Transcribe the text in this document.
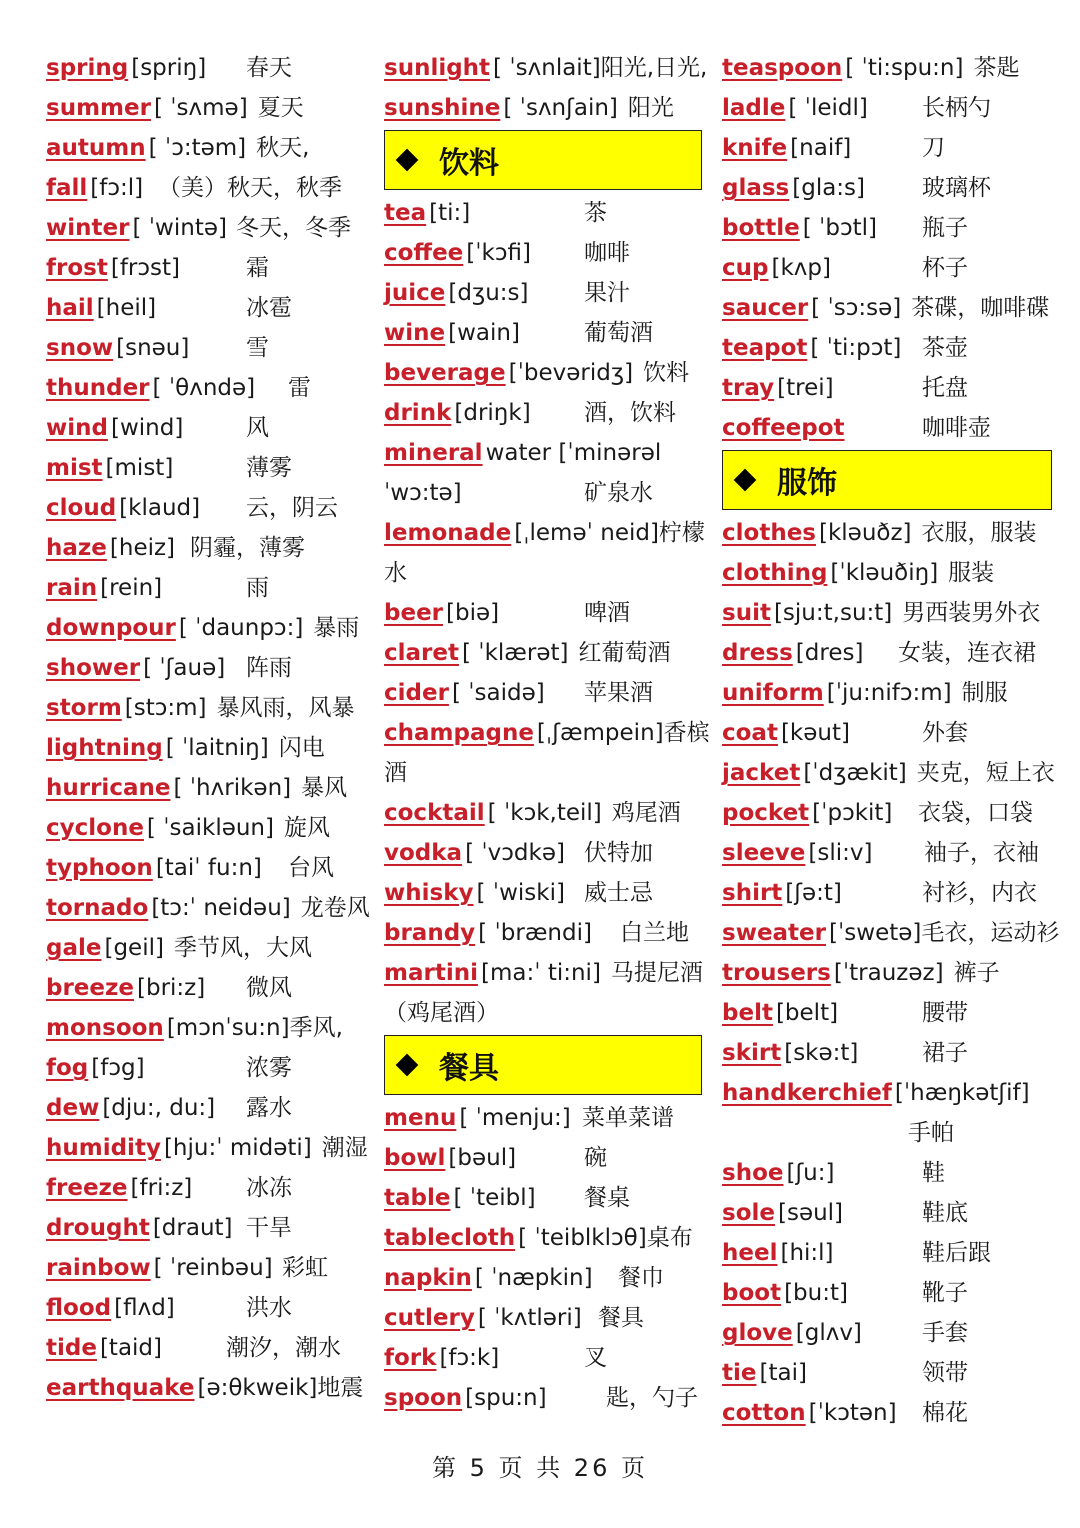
spring [spriŋ] 春天
summer [ ˈsʌmə] 夏天
autumn [ ˈɔ:təm] 秋天,
fall [fɔ:l] （美）秋天，秋季
winter [ ˈwintə] 冬天，冬季
frost [frɔst]	霜
hail [heil]	冰雹
snow [snəu] 雪
thunder [ ˈθʌndə] 雷
wind [wind]	风
mist [mist]	薄雾
cloud [klaud] 云，阴云
haze [heiz] 阴霾，薄雾
rain [rein]	雨
downpour [ ˈdaunpɔ:] 暴雨
shower [ ˈʃauə] 阵雨
storm [stɔ:m] 暴风雨，风暴
lightning [ ˈlaitniŋ] 闪电
hurricane [ ˈhʌrikən] 暴风
cyclone [ ˈsaikləun] 旋风
typhoon [taiˈ fu:n] 台风
tornado [tɔ:ˈ neidəu] 龙卷风
gale [geil] 季节风，大风
breeze [bri:z] 微风
monsoon [mɔnˈsu:n]季风,
fog [fɔg]	浓雾
dew [dju:, du:] 露水
humidity [hju:ˈ midəti] 潮湿
freeze [fri:z] 冰冻
drought [draut] 干旱
rainbow [ ˈreinbəu] 彩虹
flood [flʌd]	洪水
tide [taid]	潮汐，潮水
earthquake [ə:θkweik]地震
sunlight [ ˈsʌnlait]阳光,日光,
sunshine [ ˈsʌnʃain] 阳光
饮料
tea [ti:]	茶
coffee [ˈkɔfi] 咖啡
juice [dʒu:s] 果汁
wine [wain]	葡萄酒
beverage [ˈbevəridʒ] 饮料
drink [driŋk] 酒，饮料
mineral water [ˈminərəl
ˈwɔ:tə]	矿泉水
lemonade [ˌleməˈ neid]柠檬
水
beer [biə]	啤酒
claret [ ˈklærət] 红葡萄酒
cider [ ˈsaidə] 苹果酒
champagne [ˌʃæmpein]香槟
酒
cocktail [ ˈkɔk,teil] 鸡尾酒
vodka [ ˈvɔdkə] 伏特加
whisky [ ˈwiski] 威士忌
brandy [ ˈbrændi] 白兰地
martini [ma:ˈ ti:ni] 马提尼酒
（鸡尾酒）
餐具
menu [ ˈmenju:] 菜单菜谱
bowl [bəul]	碗
table [ ˈteibl] 餐桌
tablecloth [ ˈteiblklɔθ]桌布
napkin [ ˈnæpkin] 餐巾
cutlery [ ˈkʌtləri] 餐具
fork [fɔ:k]	叉
spoon [spu:n]	匙，勺子
teaspoon [ ˈti:spu:n] 茶匙
ladle [ ˈleidl] 长柄勺
knife [naif]	刀
glass [gla:s] 玻璃杯
bottle [ ˈbɔtl] 瓶子
cup [kʌp]	杯子
saucer [ ˈsɔ:sə] 茶碟，咖啡碟
teapot [ ˈti:pɔt] 茶壶
tray [trei]	托盘
coffeepot	咖啡壶
服饰
clothes [kləuðz] 衣服，服装
clothing [ˈkləuðiŋ] 服装
suit [sju:t,su:t] 男西装男外衣
dress [dres] 女装，连衣裙
uniform [ˈju:nifɔ:m] 制服
coat [kəut]	外套
jacket [ˈdʒækit] 夹克，短上衣
pocket [ˈpɔkit] 衣袋，口袋
sleeve [sli:v] 袖子，衣袖
shirt [ʃə:t]	衬衫，内衣
sweater [ˈswetə]毛衣，运动衫
trousers [ˈtrauzəz] 裤子
belt [belt]	腰带
skirt [skə:t]	裙子
handkerchief [ˈhæŋkətʃif]
手帕
shoe [ʃu:]	鞋
sole [səul]	鞋底
heel [hi:l]	鞋后跟
boot [bu:t]	靴子
glove [glʌv]	手套
tie [tai]	领带
cotton [ˈkɔtən] 棉花
第 5 页 共 26 页
